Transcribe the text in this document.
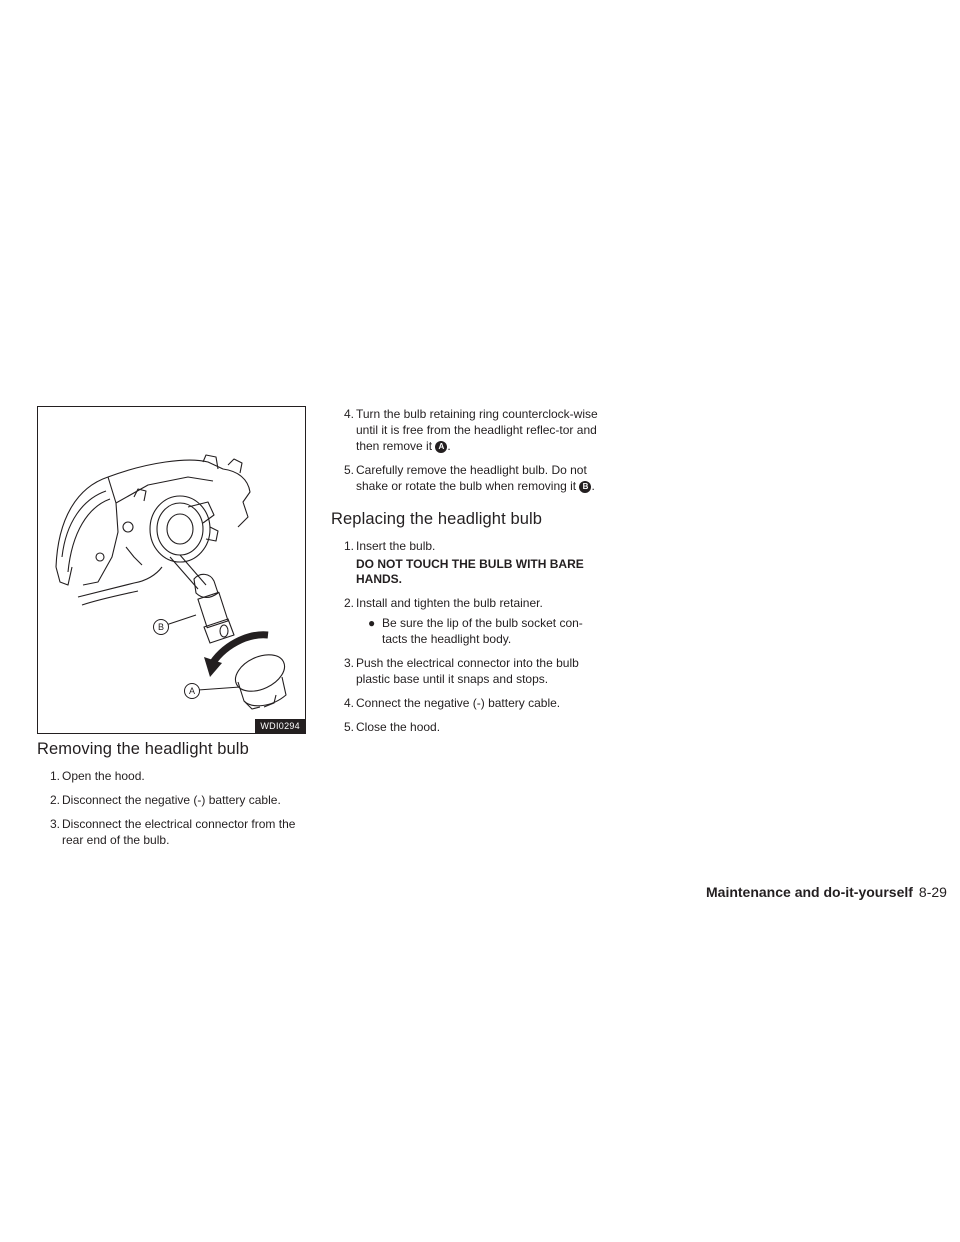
B
A
WDI0294
Removing the headlight bulb
1. Open the hood.
2. Disconnect the negative (-) battery cable.
3. Disconnect the electrical connector from the rear end of the bulb.
4. Turn the bulb retaining ring counterclock-wise until it is free from the headlight reflec-tor and then remove it A .
5. Carefully remove the headlight bulb. Do not shake or rotate the bulb when removing it B .
Replacing the headlight bulb
1. Insert the bulb.
DO NOT TOUCH THE BULB WITH BARE HANDS.
2. Install and tighten the bulb retainer.
● Be sure the lip of the bulb socket con-tacts the headlight body.
3. Push the electrical connector into the bulb plastic base until it snaps and stops.
4. Connect the negative (-) battery cable.
5. Close the hood.
Maintenance and do-it-yourself 8-29
